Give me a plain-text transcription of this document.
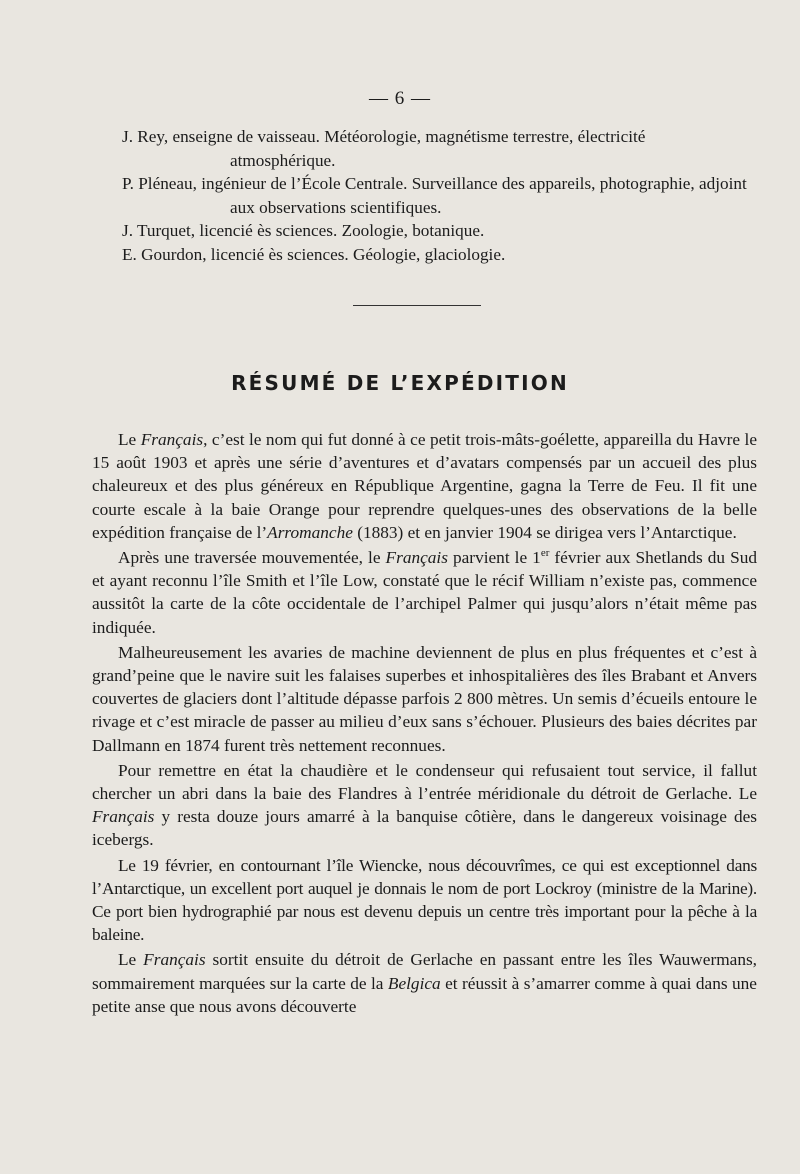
— 6 —
J. Rey, enseigne de vaisseau. Météorologie, magnétisme terrestre, électricité atmosphérique.
P. Pléneau, ingénieur de l’École Centrale. Surveillance des appareils, photographie, adjoint aux observations scientifiques.
J. Turquet, licencié ès sciences. Zoologie, botanique.
E. Gourdon, licencié ès sciences. Géologie, glaciologie.
RÉSUMÉ DE L’EXPÉDITION

Le Français, c’est le nom qui fut donné à ce petit trois-mâts-goélette, appareilla du Havre le 15 août 1903 et après une série d’aventures et d’avatars compensés par un accueil des plus chaleureux et des plus généreux en République Argentine, gagna la Terre de Feu. Il fit une courte escale à la baie Orange pour reprendre quelques-unes des observations de la belle expédition française de l’Arromanche (1883) et en janvier 1904 se dirigea vers l’Antarctique.

Après une traversée mouvementée, le Français parvient le 1er février aux Shetlands du Sud et ayant reconnu l’île Smith et l’île Low, constaté que le récif William n’existe pas, commence aussitôt la carte de la côte occidentale de l’archipel Palmer qui jusqu’alors n’était même pas indiquée.

Malheureusement les avaries de machine deviennent de plus en plus fréquentes et c’est à grand’peine que le navire suit les falaises superbes et inhospitalières des îles Brabant et Anvers couvertes de glaciers dont l’altitude dépasse parfois 2 800 mètres. Un semis d’écueils entoure le rivage et c’est miracle de passer au milieu d’eux sans s’échouer. Plusieurs des baies décrites par Dallmann en 1874 furent très nettement reconnues.

Pour remettre en état la chaudière et le condenseur qui refusaient tout service, il fallut chercher un abri dans la baie des Flandres à l’entrée méridionale du détroit de Gerlache. Le Français y resta douze jours amarré à la banquise côtière, dans le dangereux voisinage des icebergs.

Le 19 février, en contournant l’île Wiencke, nous découvrîmes, ce qui est exceptionnel dans l’Antarctique, un excellent port auquel je donnais le nom de port Lockroy (ministre de la Marine). Ce port bien hydrographié par nous est devenu depuis un centre très important pour la pêche à la baleine.

Le Français sortit ensuite du détroit de Gerlache en passant entre les îles Wauwermans, sommairement marquées sur la carte de la Belgica et réussit à s’amarrer comme à quai dans une petite anse que nous avons découverte
